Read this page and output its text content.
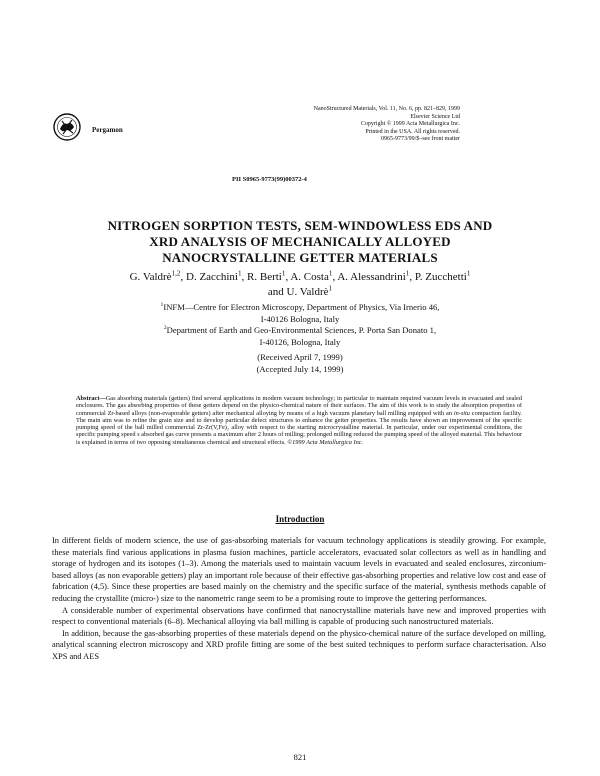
Pergamon
NanoStructured Materials, Vol. 11, No. 6, pp. 821–829, 1999
Elsevier Science Ltd
Copyright © 1999 Acta Metallurgica Inc.
Printed in the USA. All rights reserved.
0965-9773/99/$–see front matter
PII S0965-9773(99)00372-4
NITROGEN SORPTION TESTS, SEM-WINDOWLESS EDS AND
XRD ANALYSIS OF MECHANICALLY ALLOYED
NANOCRYSTALLINE GETTER MATERIALS
G. Valdrè$^{1,2}$, D. Zacchini$^1$, R. Berti$^1$, A. Costa$^1$, A. Alessandrini$^1$, P. Zucchetti$^1$
and U. Valdrè$^1$
$^1$INFM—Centre for Electron Microscopy, Department of Physics, Via Irnerio 46,
I-40126 Bologna, Italy
$^2$Department of Earth and Geo-Environmental Sciences, P. Porta San Donato 1,
I-40126, Bologna, Italy
(Received April 7, 1999)
(Accepted July 14, 1999)
Abstract—Gas absorbing materials (getters) find several applications in modern vacuum technology; in particular to maintain required vacuum levels in evacuated and sealed enclosures. The gas absorbing properties of these getters depend on the physico-chemical nature of their surfaces. The aim of this work is to study the absorption properties of commercial Zr-based alloys (non-evaporable getters) after mechanical alloying by means of a high vacuum planetary ball milling equipped with an in-situ compaction facility. The main aim was to refine the grain size and to develop particular defect structures to enhance the getter properties. The results have shown an improvement of the specific pumping speed of the ball milled commercial Zr-Zr(V,Fe)₂ alloy with respect to the starting microcrystalline material. In particular, under our experimental conditions, the specific pumping speed s absorbed gas curve presents a maximum after 2 hours of milling; prolonged milling reduced the pumping speed of the alloyed material. This behaviour is explained in terms of two opposing simultaneous chemical and structural effects. ©1999 Acta Metallurgica Inc.
Introduction

In different fields of modern science, the use of gas-absorbing materials for vacuum technology applications is steadily growing. For example, these materials find various applications in plasma fusion machines, particle accelerators, evacuated solar collectors as well as in handling and storage of hydrogen and its isotopes (1–3). Among the materials used to maintain vacuum levels in evacuated and sealed enclosures, zirconium-based alloys (as non evaporable getters) play an important role because of their effective gas-absorbing properties and relative low cost and ease of fabrication (4,5). Since these properties are based mainly on the chemistry and the specific surface of the material, synthesis methods capable of reducing the crystallite (micro-) size to the nanometric range seem to be a promising route to improve the gettering performances.

A considerable number of experimental observations have confirmed that nanocrystalline materials have new and improved properties with respect to conventional materials (6–8). Mechanical alloying via ball milling is capable of producing such nanostructured materials.

In addition, because the gas-absorbing properties of these materials depend on the physico-chemical nature of the surface developed on milling, analytical scanning electron microscopy and XRD profile fitting are some of the best suited techniques to perform surface characterisation. Also XPS and AES

821
